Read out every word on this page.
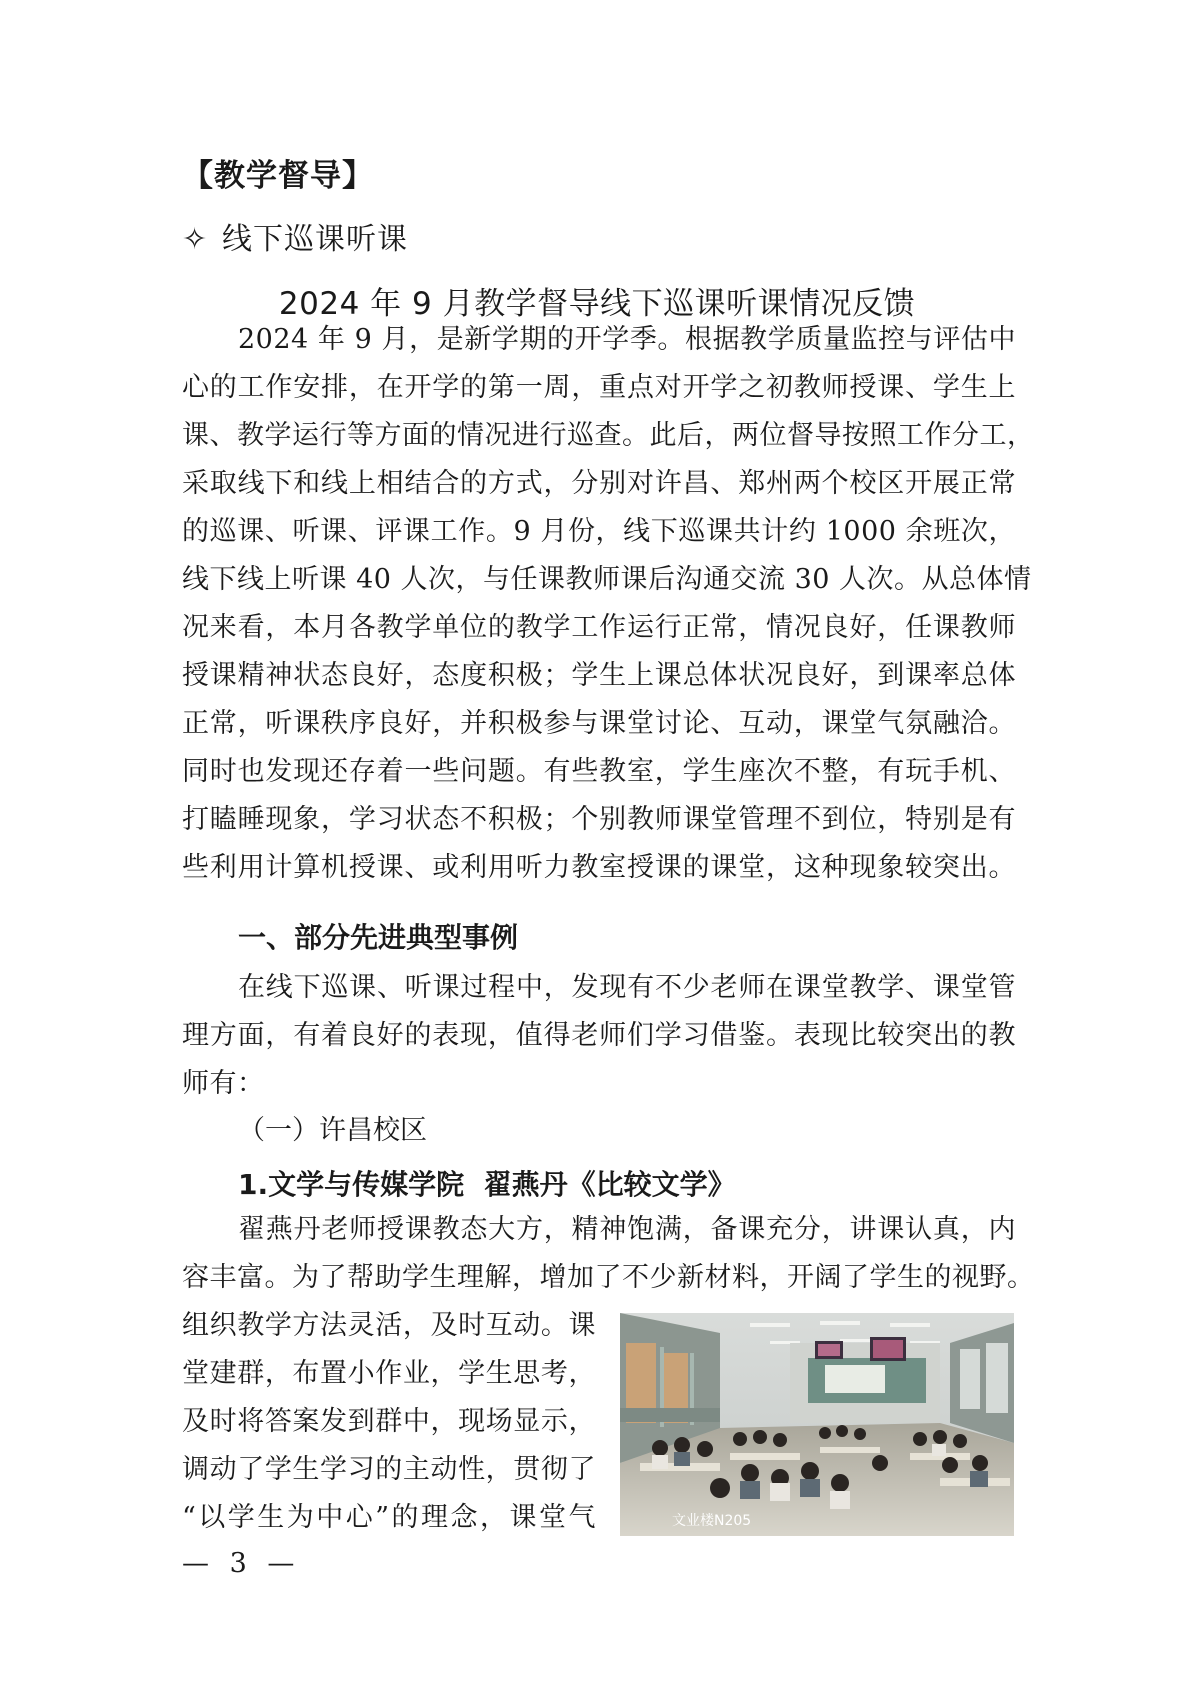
【教学督导】
✧ 线下巡课听课
2024 年 9 月教学督导线下巡课听课情况反馈
2024 年 9 月，是新学期的开学季。根据教学质量监控与评估中
心的工作安排，在开学的第一周，重点对开学之初教师授课、学生上
课、教学运行等方面的情况进行巡查。此后，两位督导按照工作分工，
采取线下和线上相结合的方式，分别对许昌、郑州两个校区开展正常
的巡课、听课、评课工作。9 月份，线下巡课共计约 1000 余班次，
线下线上听课 40 人次，与任课教师课后沟通交流 30 人次。从总体情
况来看，本月各教学单位的教学工作运行正常，情况良好，任课教师
授课精神状态良好，态度积极；学生上课总体状况良好，到课率总体
正常，听课秩序良好，并积极参与课堂讨论、互动，课堂气氛融洽。
同时也发现还存着一些问题。有些教室，学生座次不整，有玩手机、
打瞌睡现象，学习状态不积极；个别教师课堂管理不到位，特别是有
些利用计算机授课、或利用听力教室授课的课堂，这种现象较突出。
一、部分先进典型事例
在线下巡课、听课过程中，发现有不少老师在课堂教学、课堂管
理方面，有着良好的表现，值得老师们学习借鉴。表现比较突出的教
师有：
（一）许昌校区
1.文学与传媒学院  翟燕丹《比较文学》
翟燕丹老师授课教态大方，精神饱满，备课充分，讲课认真，内
容丰富。为了帮助学生理解，增加了不少新材料，开阔了学生的视野。
组织教学方法灵活，及时互动。课
堂建群，布置小作业，学生思考，
及时将答案发到群中，现场显示，
调动了学生学习的主动性，贯彻了
“以学生为中心”的理念，课堂气	文业楼N205
— 3 —
